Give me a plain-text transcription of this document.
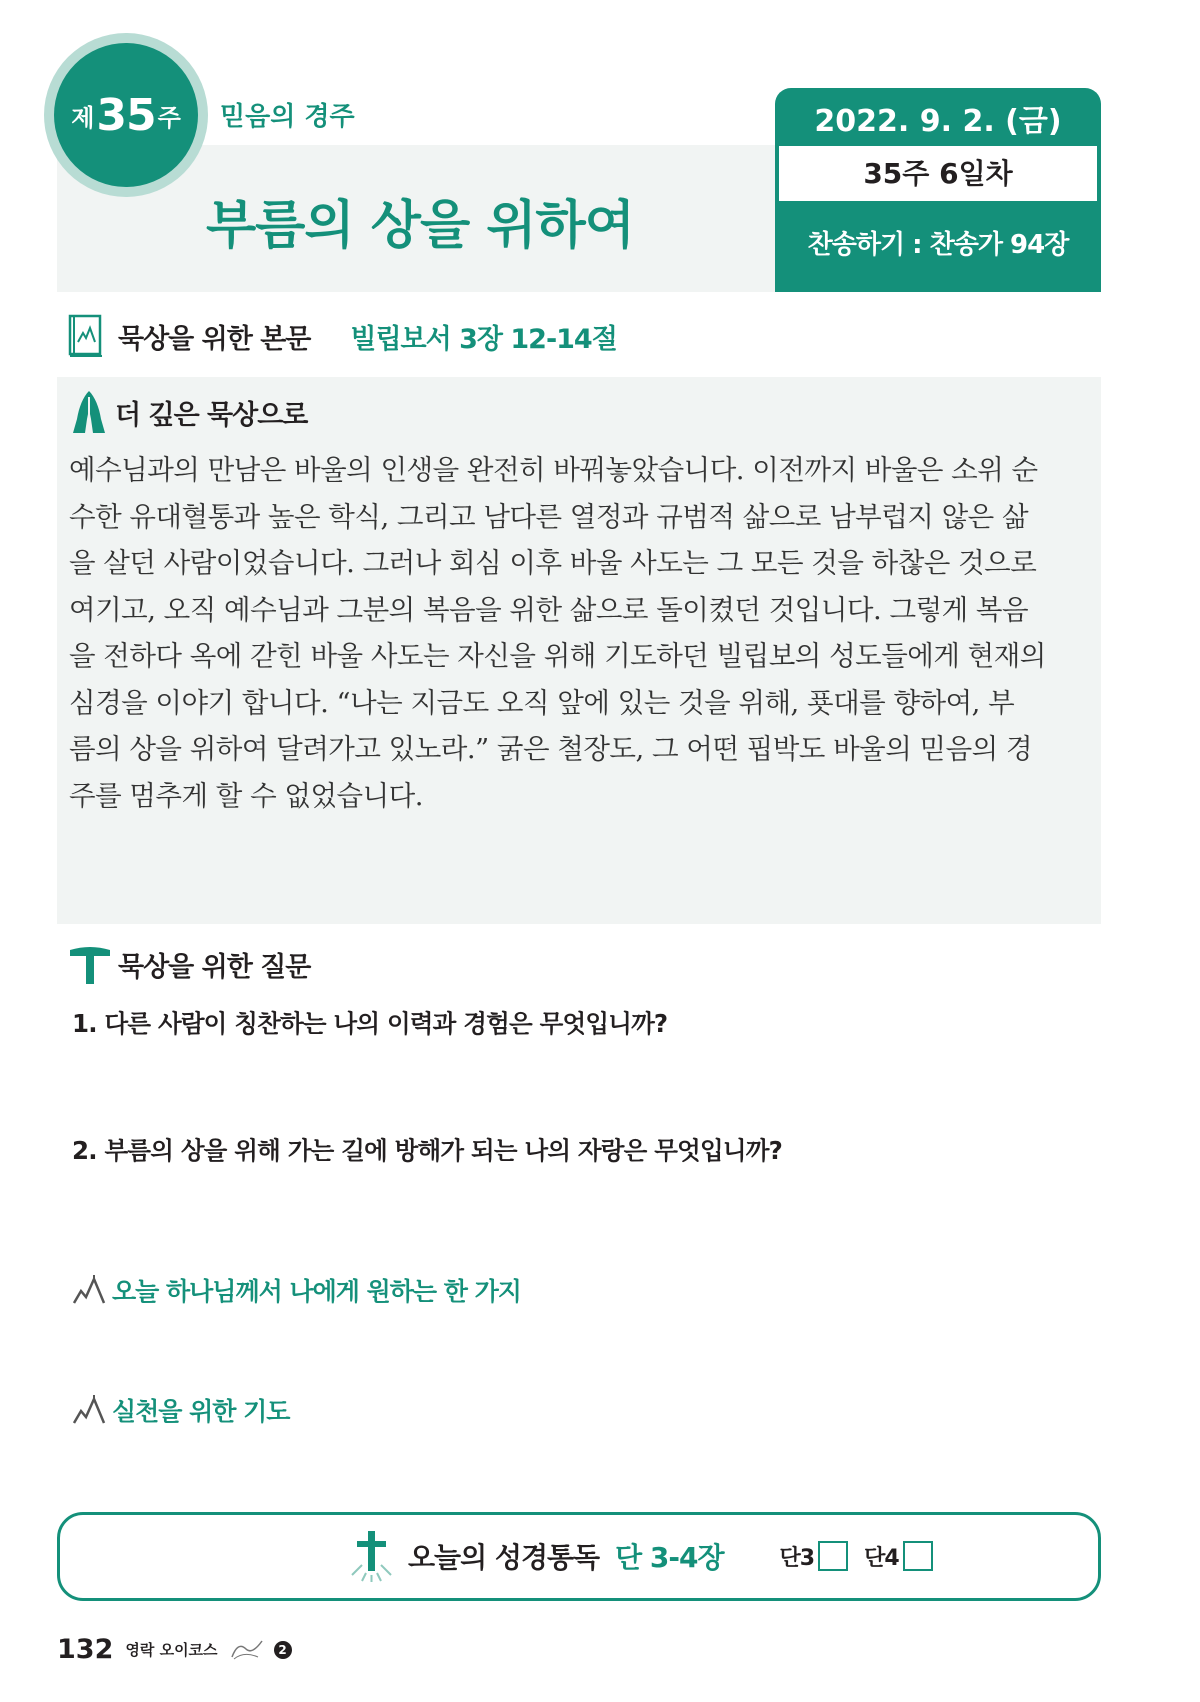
제 35 주 믿음의 경주
부름의 상을 위하여
2022. 9. 2. (금)
35주 6일차
찬송하기 : 찬송가 94장
묵상을 위한 본문 빌립보서 3장 12-14절
더 깊은 묵상으로
예수님과의 만남은 바울의 인생을 완전히 바꿔놓았습니다. 이전까지 바울은 소위 순
수한 유대혈통과 높은 학식, 그리고 남다른 열정과 규범적 삶으로 남부럽지 않은 삶
을 살던 사람이었습니다. 그러나 회심 이후 바울 사도는 그 모든 것을 하찮은 것으로
여기고, 오직 예수님과 그분의 복음을 위한 삶으로 돌이켰던 것입니다. 그렇게 복음
을 전하다 옥에 갇힌 바울 사도는 자신을 위해 기도하던 빌립보의 성도들에게 현재의
심경을 이야기 합니다. “나는 지금도 오직 앞에 있는 것을 위해, 푯대를 향하여, 부
름의 상을 위하여 달려가고 있노라.” 굵은 철장도, 그 어떤 핍박도 바울의 믿음의 경
주를 멈추게 할 수 없었습니다.
묵상을 위한 질문
1. 다른 사람이 칭찬하는 나의 이력과 경험은 무엇입니까?
2. 부름의 상을 위해 가는 길에 방해가 되는 나의 자랑은 무엇입니까?
오늘 하나님께서 나에게 원하는 한 가지
실천을 위한 기도
오늘의 성경통독 단 3-4장	단3 단4
132 영락 오이코스	2
